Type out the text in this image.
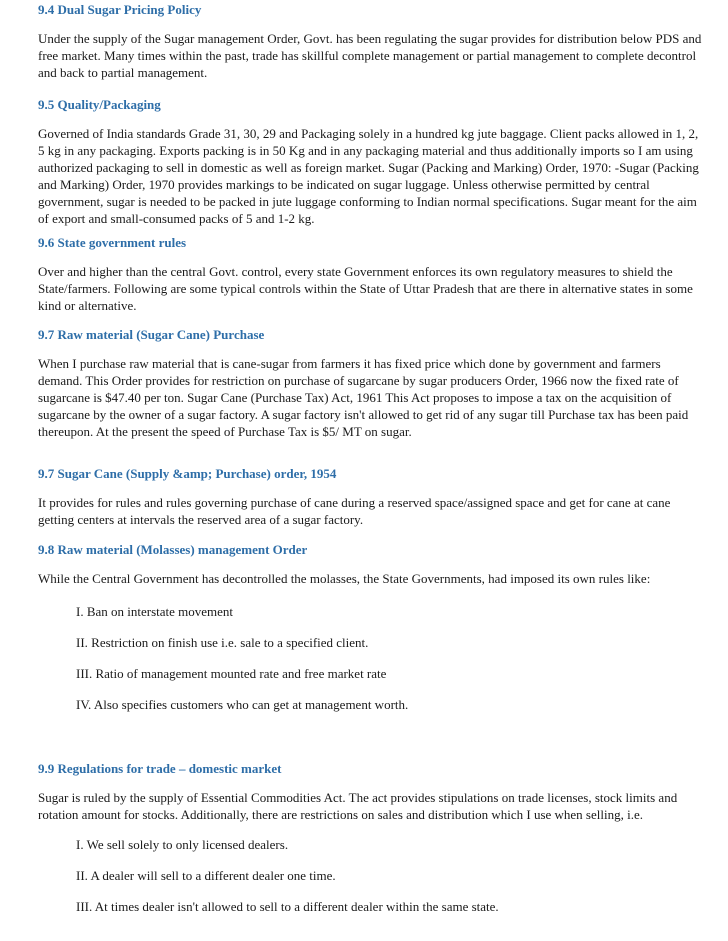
9.4 Dual Sugar Pricing Policy

Under the supply of the Sugar management Order, Govt. has been regulating the sugar provides for distribution below PDS and free market. Many times within the past, trade has skillful complete management or partial management to complete decontrol and back to partial management.

9.5 Quality/Packaging

Governed of India standards Grade 31, 30, 29 and Packaging solely in a hundred kg jute baggage. Client packs allowed in 1, 2, 5 kg in any packaging. Exports packing is in 50 Kg and in any packaging material and thus additionally imports so I am using authorized packaging to sell in domestic as well as foreign market. Sugar (Packing and Marking) Order, 1970: -Sugar (Packing and Marking) Order, 1970 provides markings to be indicated on sugar luggage. Unless otherwise permitted by central government, sugar is needed to be packed in jute luggage conforming to Indian normal specifications. Sugar meant for the aim of export and small-consumed packs of 5 and 1-2 kg.

9.6 State government rules

Over and higher than the central Govt. control, every state Government enforces its own regulatory measures to shield the State/farmers. Following are some typical controls within the State of Uttar Pradesh that are there in alternative states in some kind or alternative.

9.7 Raw material (Sugar Cane) Purchase

When I purchase raw material that is cane-sugar from farmers it has fixed price which done by government and farmers demand. This Order provides for restriction on purchase of sugarcane by sugar producers Order, 1966 now the fixed rate of sugarcane is $47.40 per ton. Sugar Cane (Purchase Tax) Act, 1961 This Act proposes to impose a tax on the acquisition of sugarcane by the owner of a sugar factory. A sugar factory isn't allowed to get rid of any sugar till Purchase tax has been paid thereupon. At the present the speed of Purchase Tax is $5/ MT on sugar.

9.7 Sugar Cane (Supply &amp; Purchase) order, 1954

It provides for rules and rules governing purchase of cane during a reserved space/assigned space and get for cane at cane getting centers at intervals the reserved area of a sugar factory.

9.8 Raw material (Molasses) management Order

While the Central Government has decontrolled the molasses, the State Governments, had imposed its own rules like:

I. Ban on interstate movement

II. Restriction on finish use i.e. sale to a specified client.

III. Ratio of management mounted rate and free market rate

IV. Also specifies customers who can get at management worth.

9.9 Regulations for trade – domestic market

Sugar is ruled by the supply of Essential Commodities Act. The act provides stipulations on trade licenses, stock limits and rotation amount for stocks. Additionally, there are restrictions on sales and distribution which I use when selling, i.e.

I. We sell solely to only licensed dealers.

II. A dealer will sell to a different dealer one time.

III. At times dealer isn't allowed to sell to a different dealer within the same state.
